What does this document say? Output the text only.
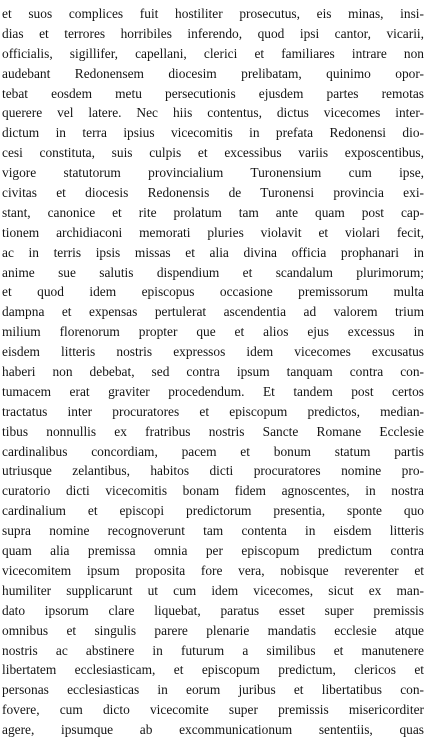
et suos complices fuit hostiliter prosecutus, eis minas, insi-
dias et terrores horribiles inferendo, quod ipsi cantor, vicarii,
officialis, sigillifer, capellani, clerici et familiares intrare non
audebant Redonensem diocesim prelibatam, quinimo opor-
tebat eosdem metu persecutionis ejusdem partes remotas
querere vel latere. Nec hiis contentus, dictus vicecomes inter-
dictum in terra ipsius vicecomitis in prefata Redonensi dio-
cesi constituta, suis culpis et excessibus variis exposcentibus,
vigore statutorum provincialium Turonensium cum ipse,
civitas et diocesis Redonensis de Turonensi provincia exi-
stant, canonice et rite prolatum tam ante quam post cap-
tionem archidiaconi memorati pluries violavit et violari fecit,
ac in terris ipsis missas et alia divina officia prophanari in
anime sue salutis dispendium et scandalum plurimorum;
et quod idem episcopus occasione premissorum multa
dampna et expensas pertulerat ascendentia ad valorem trium
milium florenorum propter que et alios ejus excessus in
eisdem litteris nostris expressos idem vicecomes excusatus
haberi non debebat, sed contra ipsum tanquam contra con-
tumacem erat graviter procedendum. Et tandem post certos
tractatus inter procuratores et episcopum predictos, median-
tibus nonnullis ex fratribus nostris Sancte Romane Ecclesie
cardinalibus concordiam, pacem et bonum statum partis
utriusque zelantibus, habitos dicti procuratores nomine pro-
curatorio dicti vicecomitis bonam fidem agnoscentes, in nostra
cardinalium et episcopi predictorum presentia, sponte quo
supra nomine recognoverunt tam contenta in eisdem litteris
quam alia premissa omnia per episcopum predictum contra
vicecomitem ipsum proposita fore vera, nobisque reverenter et
humiliter supplicarunt ut cum idem vicecomes, sicut ex man-
dato ipsorum clare liquebat, paratus esset super premissis
omnibus et singulis parere plenarie mandatis ecclesie atque
nostris ac abstinere in futurum a similibus et manutenere
libertatem ecclesiasticam, et episcopum predictum, clericos et
personas ecclesiasticas in eorum juribus et libertatibus con-
fovere, cum dicto vicecomite super premissis misericorditer
agere, ipsumque ab excommunicationum sententiis, quas
